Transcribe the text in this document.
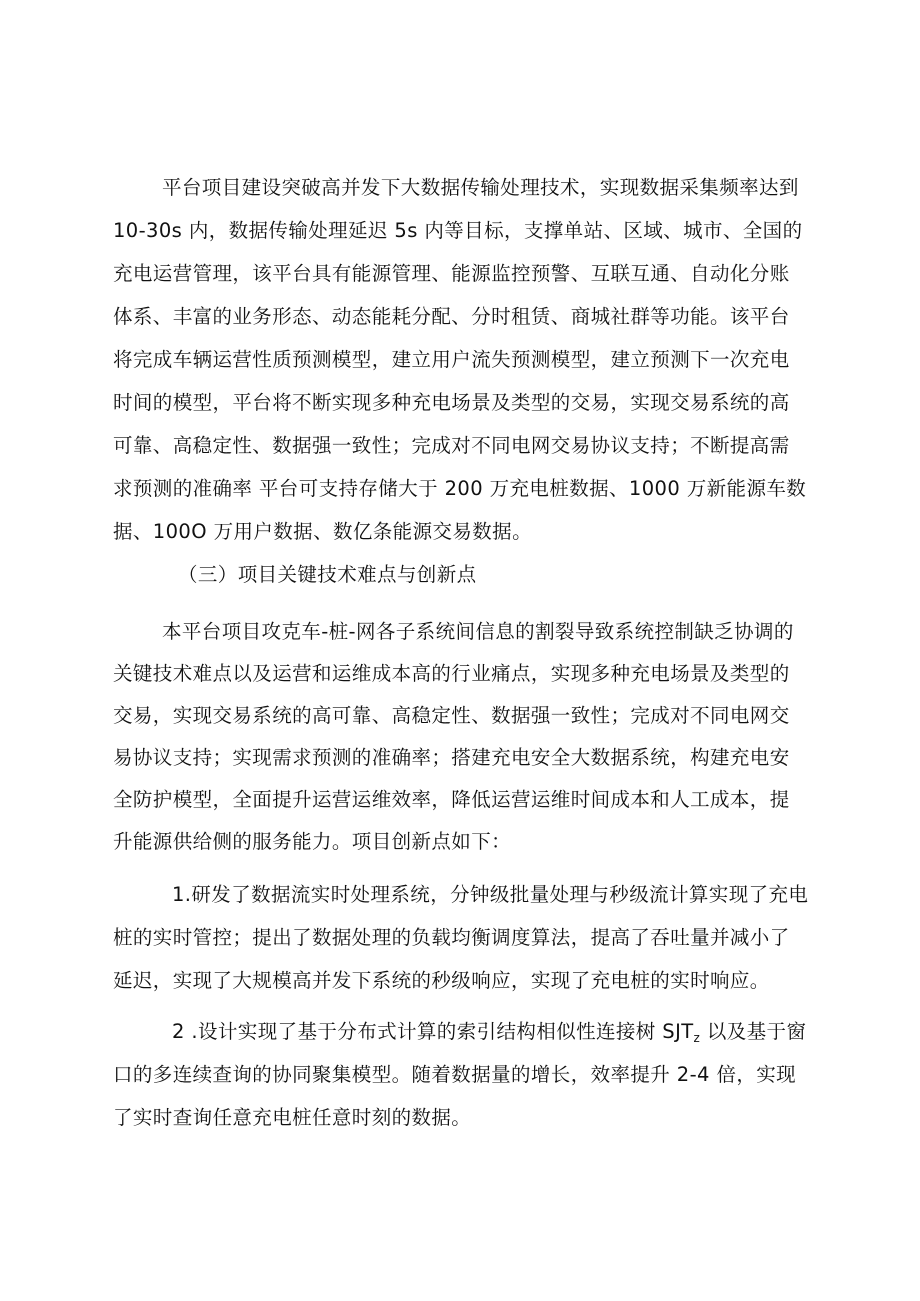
平台项目建设突破高并发下大数据传输处理技术，实现数据采集频率达到
10-30s 内，数据传输处理延迟 5s 内等目标，支撑单站、区域、城市、全国的
充电运营管理，该平台具有能源管理、能源监控预警、互联互通、自动化分账
体系、丰富的业务形态、动态能耗分配、分时租赁、商城社群等功能。该平台
将完成车辆运营性质预测模型，建立用户流失预测模型，建立预测下一次充电
时间的模型，平台将不断实现多种充电场景及类型的交易，实现交易系统的高
可靠、高稳定性、数据强一致性；完成对不同电网交易协议支持；不断提高需
求预测的准确率 平台可支持存储大于 200 万充电桩数据、1000 万新能源车数
据、100O 万用户数据、数亿条能源交易数据。
（三）项目关键技术难点与创新点
本平台项目攻克车-桩-网各子系统间信息的割裂导致系统控制缺乏协调的
关键技术难点以及运营和运维成本高的行业痛点，实现多种充电场景及类型的
交易，实现交易系统的高可靠、高稳定性、数据强一致性；完成对不同电网交
易协议支持；实现需求预测的准确率；搭建充电安全大数据系统，构建充电安
全防护模型，全面提升运营运维效率，降低运营运维时间成本和人工成本，提
升能源供给侧的服务能力。项目创新点如下：
1.研发了数据流实时处理系统，分钟级批量处理与秒级流计算实现了充电
桩的实时管控；提出了数据处理的负载均衡调度算法，提高了吞吐量并减小了
延迟，实现了大规模高并发下系统的秒级响应，实现了充电桩的实时响应。
2 .设计实现了基于分布式计算的索引结构相似性连接树 $SJT_z$ 以及基于窗
口的多连续查询的协同聚集模型。随着数据量的增长，效率提升 2-4 倍，实现
了实时查询任意充电桩任意时刻的数据。
